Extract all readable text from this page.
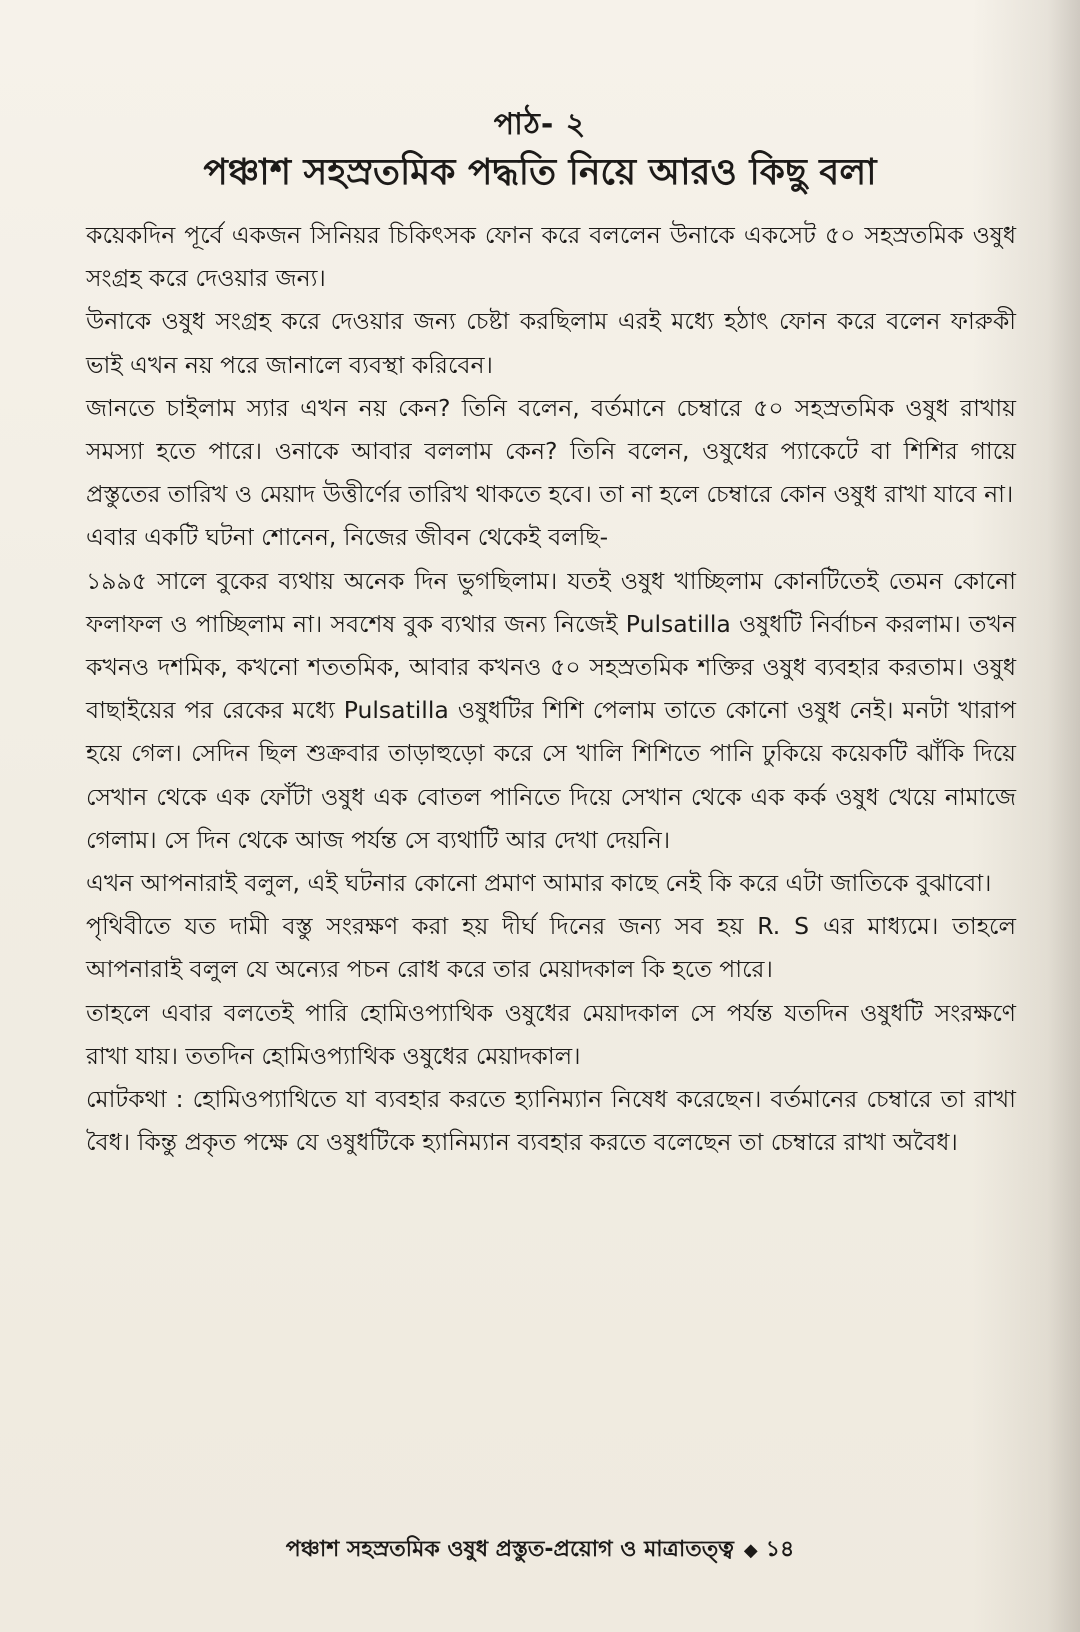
পাঠ- ২
পঞ্চাশ সহস্রতমিক পদ্ধতি নিয়ে আরও কিছু বলা

কয়েকদিন পূর্বে একজন সিনিয়র চিকিৎসক ফোন করে বললেন উনাকে একসেট ৫০ সহস্রতমিক ওষুধ সংগ্রহ করে দেওয়ার জন্য।

উনাকে ওষুধ সংগ্রহ করে দেওয়ার জন্য চেষ্টা করছিলাম এরই মধ্যে হঠাৎ ফোন করে বলেন ফারুকী ভাই এখন নয় পরে জানালে ব্যবস্থা করিবেন।

জানতে চাইলাম স্যার এখন নয় কেন? তিনি বলেন, বর্তমানে চেম্বারে ৫০ সহস্রতমিক ওষুধ রাখায় সমস্যা হতে পারে। ওনাকে আবার বললাম কেন? তিনি বলেন, ওষুধের প্যাকেটে বা শিশির গায়ে প্রস্তুতের তারিখ ও মেয়াদ উত্তীর্ণের তারিখ থাকতে হবে। তা না হলে চেম্বারে কোন ওষুধ রাখা যাবে না।

এবার একটি ঘটনা শোনেন, নিজের জীবন থেকেই বলছি-

১৯৯৫ সালে বুকের ব্যথায় অনেক দিন ভুগছিলাম। যতই ওষুধ খাচ্ছিলাম কোনটিতেই তেমন কোনো ফলাফল ও পাচ্ছিলাম না। সবশেষ বুক ব্যথার জন্য নিজেই Pulsatilla ওষুধটি নির্বাচন করলাম। তখন কখনও দশমিক, কখনো শততমিক, আবার কখনও ৫০ সহস্রতমিক শক্তির ওষুধ ব্যবহার করতাম। ওষুধ বাছাইয়ের পর রেকের মধ্যে Pulsatilla ওষুধটির শিশি পেলাম তাতে কোনো ওষুধ নেই। মনটা খারাপ হয়ে গেল। সেদিন ছিল শুক্রবার তাড়াহুড়ো করে সে খালি শিশিতে পানি ঢুকিয়ে কয়েকটি ঝাঁকি দিয়ে সেখান থেকে এক ফোঁটা ওষুধ এক বোতল পানিতে দিয়ে সেখান থেকে এক কর্ক ওষুধ খেয়ে নামাজে গেলাম। সে দিন থেকে আজ পর্যন্ত সে ব্যথাটি আর দেখা দেয়নি।

এখন আপনারাই বলুল, এই ঘটনার কোনো প্রমাণ আমার কাছে নেই কি করে এটা জাতিকে বুঝাবো।

পৃথিবীতে যত দামী বস্তু সংরক্ষণ করা হয় দীর্ঘ দিনের জন্য সব হয় R. S এর মাধ্যমে। তাহলে আপনারাই বলুল যে অন্যের পচন রোধ করে তার মেয়াদকাল কি হতে পারে।

তাহলে এবার বলতেই পারি হোমিওপ্যাথিক ওষুধের মেয়াদকাল সে পর্যন্ত যতদিন ওষুধটি সংরক্ষণে রাখা যায়। ততদিন হোমিওপ্যাথিক ওষুধের মেয়াদকাল।

মোটকথা : হোমিওপ্যাথিতে যা ব্যবহার করতে হ্যানিম্যান নিষেধ করেছেন। বর্তমানের চেম্বারে তা রাখা বৈধ। কিন্তু প্রকৃত পক্ষে যে ওষুধটিকে হ্যানিম্যান ব্যবহার করতে বলেছেন তা চেম্বারে রাখা অবৈধ।

পঞ্চাশ সহস্রতমিক ওষুধ প্রস্তুত-প্রয়োগ ও মাত্রাতত্ত্ব ◆ ১৪
